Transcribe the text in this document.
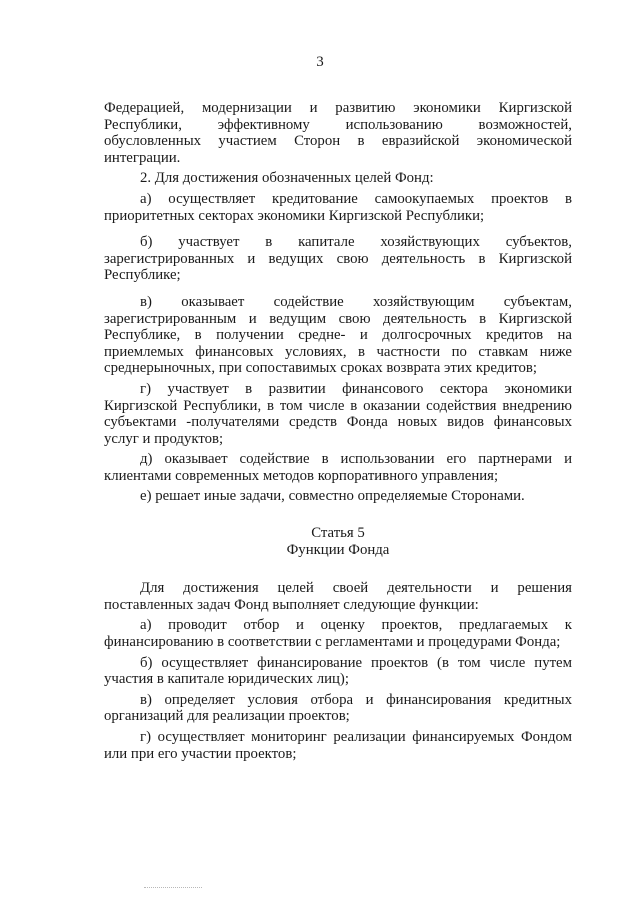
3

Федерацией, модернизации и развитию экономики Киргизской Республики, эффективному использованию возможностей, обусловленных участием Сторон в евразийской экономической интеграции.

2. Для достижения обозначенных целей Фонд:

а) осуществляет кредитование самоокупаемых проектов в приоритетных секторах экономики Киргизской Республики;

б) участвует в капитале хозяйствующих субъектов, зарегистрированных и ведущих свою деятельность в Киргизской Республике;

в) оказывает содействие хозяйствующим субъектам, зарегистрированным и ведущим свою деятельность в Киргизской Республике, в получении средне- и долгосрочных кредитов на приемлемых финансовых условиях, в частности по ставкам ниже среднерыночных, при сопоставимых сроках возврата этих кредитов;

г) участвует в развитии финансового сектора экономики Киргизской Республики, в том числе в оказании содействия внедрению субъектами -получателями средств Фонда новых видов финансовых услуг и продуктов;

д) оказывает содействие в использовании его партнерами и клиентами современных методов корпоративного управления;

е) решает иные задачи, совместно определяемые Сторонами.

Статья 5

Функции Фонда

Для достижения целей своей деятельности и решения поставленных задач Фонд выполняет следующие функции:

а) проводит отбор и оценку проектов, предлагаемых к финансированию в соответствии с регламентами и процедурами Фонда;

б) осуществляет финансирование проектов (в том числе путем участия в капитале юридических лиц);

в) определяет условия отбора и финансирования кредитных организаций для реализации проектов;

г) осуществляет мониторинг реализации финансируемых Фондом или при его участии проектов;
